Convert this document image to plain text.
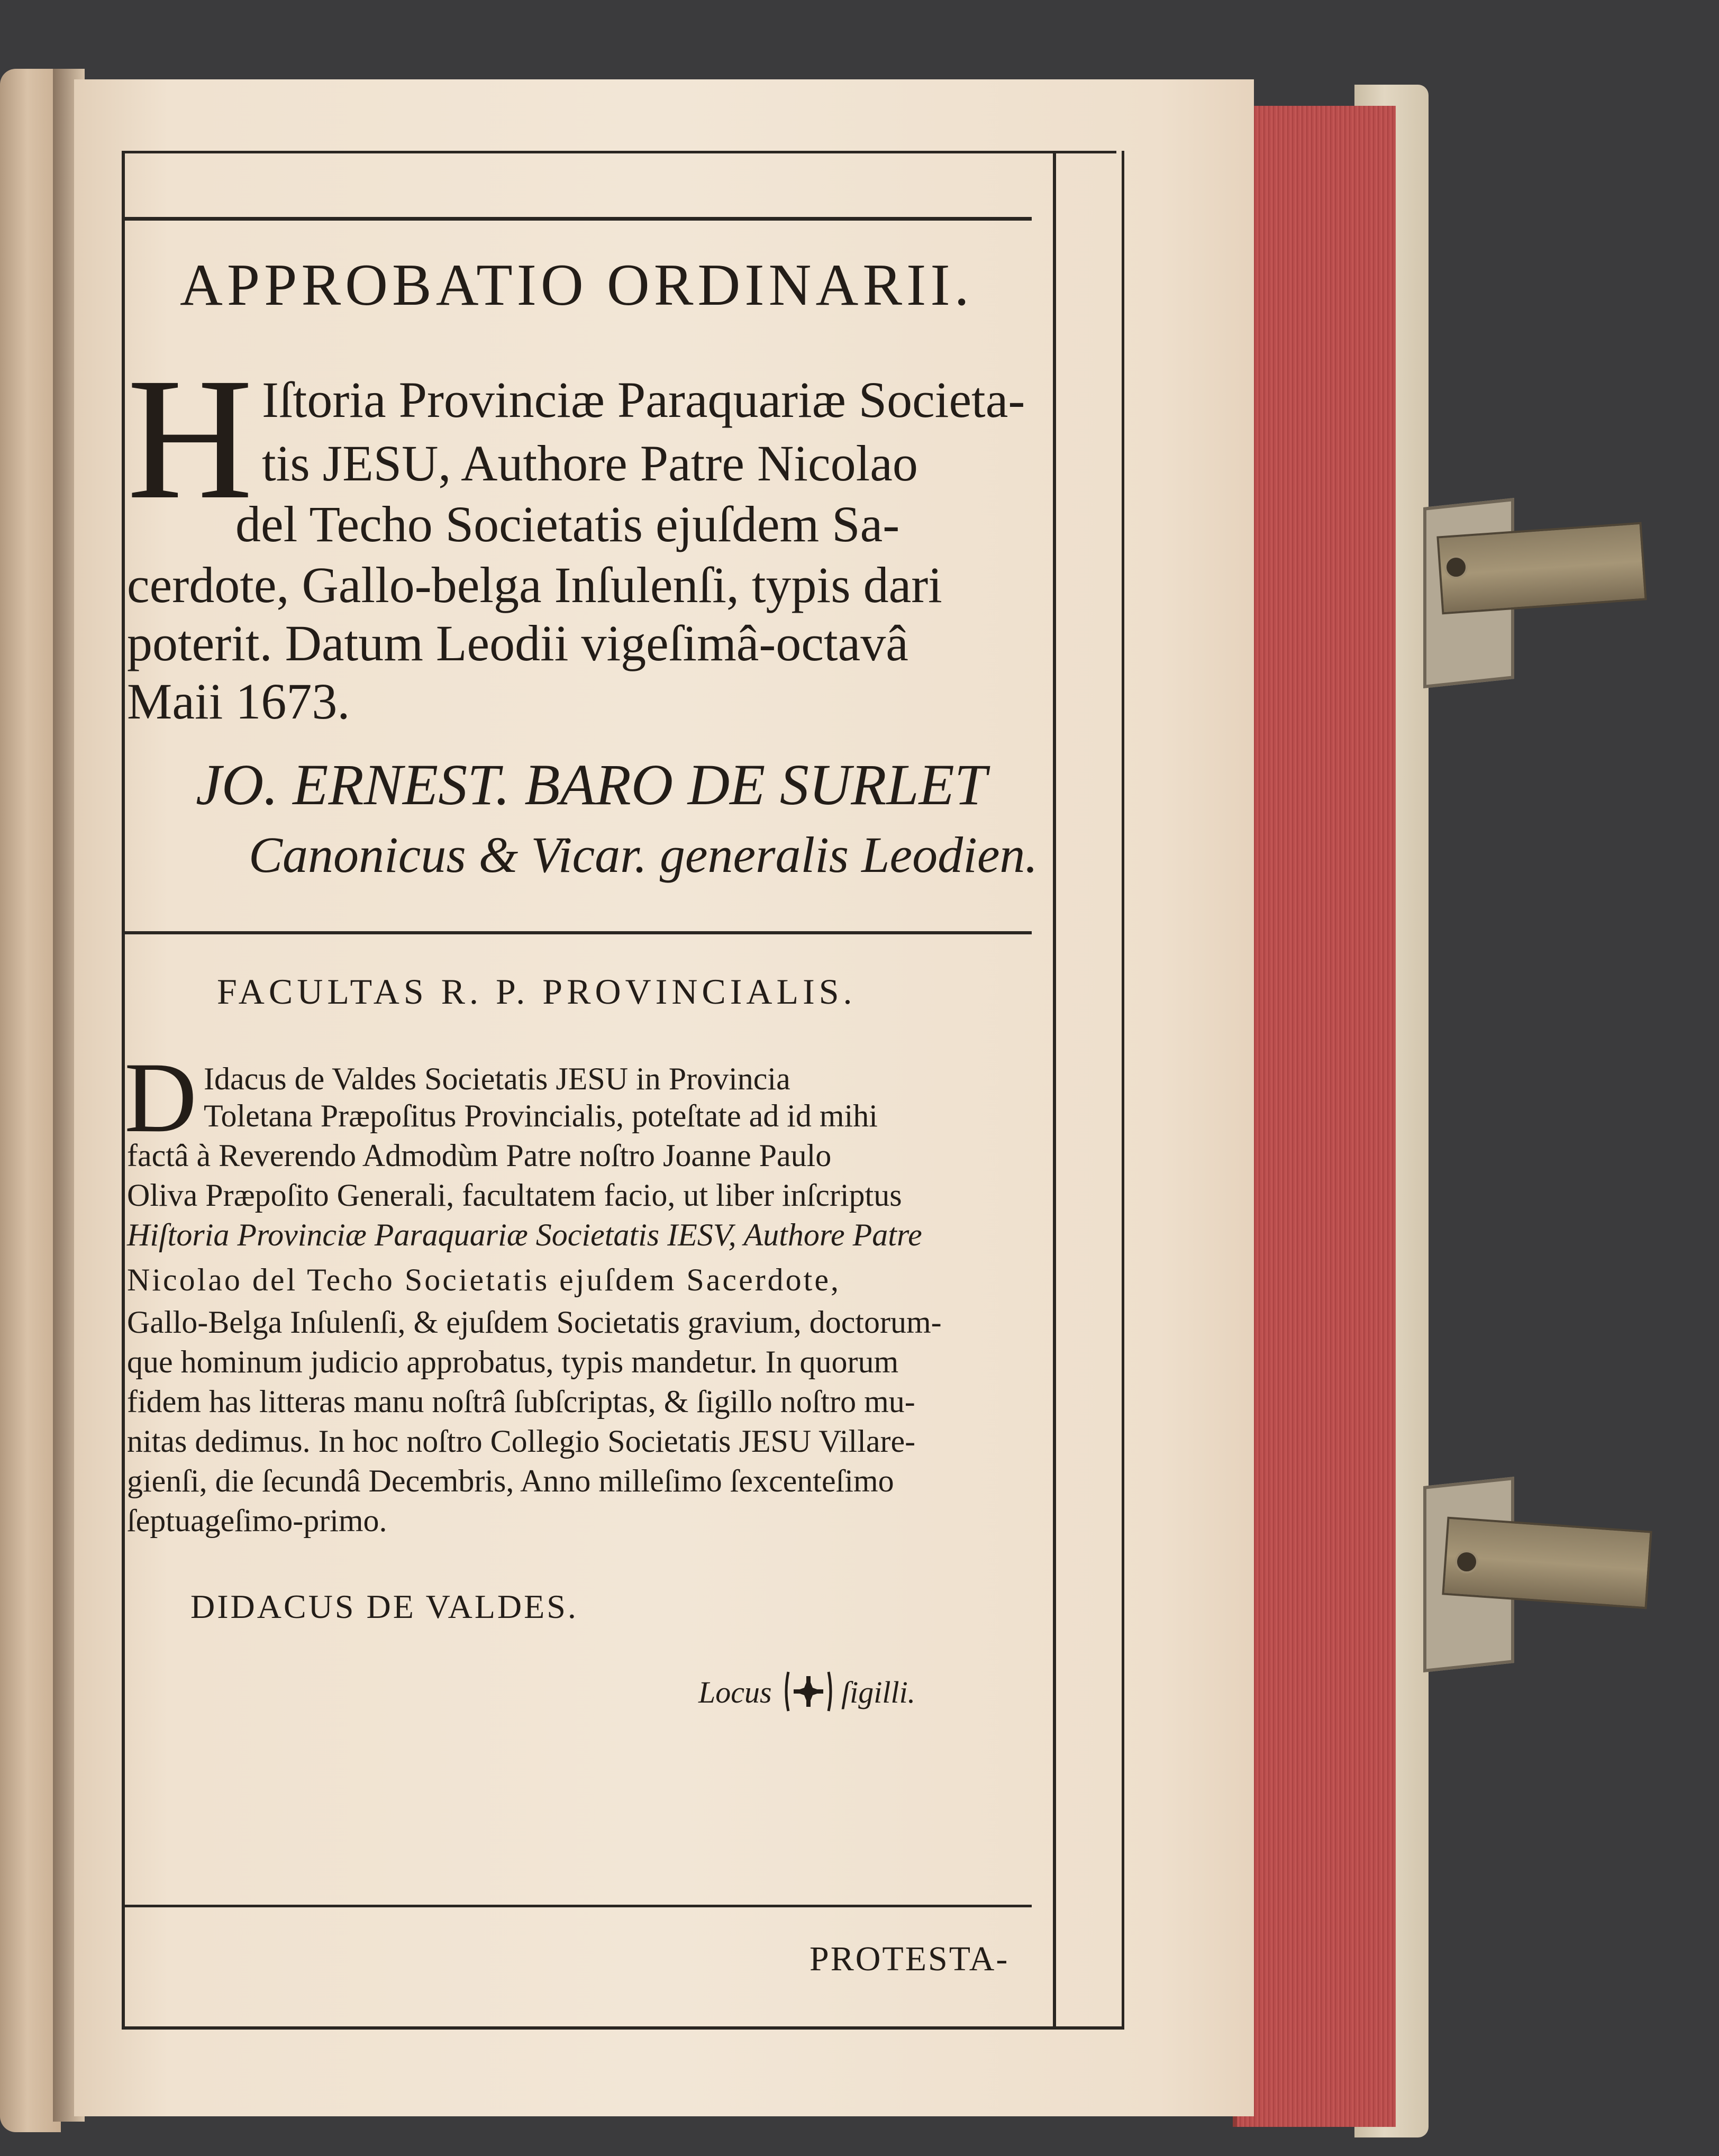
APPROBATIO ORDINARII.
H Iſtoria Provinciæ Paraquariæ Societa-
tis JESU, Authore Patre Nicolao
del Techo Societatis ejuſdem Sa-
cerdote, Gallo-belga Inſulenſi, typis dari
poterit. Datum Leodii vigeſimâ-octavâ
Maii 1673.
JO. ERNEST. BARO DE SURLET
Canonicus & Vicar. generalis Leodien.
FACULTAS R. P. PROVINCIALIS.
D Idacus de Valdes Societatis JESU in Provincia
Toletana Præpoſitus Provincialis, poteſtate ad id mihi
factâ à Reverendo Admodùm Patre noſtro Joanne Paulo
Oliva Præpoſito Generali, facultatem facio, ut liber inſcriptus
Hiſtoria Provinciæ Paraquariæ Societatis IESV, Authore Patre
Nicolao del Techo Societatis ejuſdem Sacerdote,
Gallo-Belga Inſulenſi, & ejuſdem Societatis gravium, doctorum-
que hominum judicio approbatus, typis mandetur. In quorum
fidem has litteras manu noſtrâ ſubſcriptas, & ſigillo noſtro mu-
nitas dedimus. In hoc noſtro Collegio Societatis JESU Villare-
gienſi, die ſecundâ Decembris, Anno milleſimo ſexcenteſimo
ſeptuageſimo-primo.
DIDACUS DE VALDES.
Locus ſigilli.
PROTESTA-
